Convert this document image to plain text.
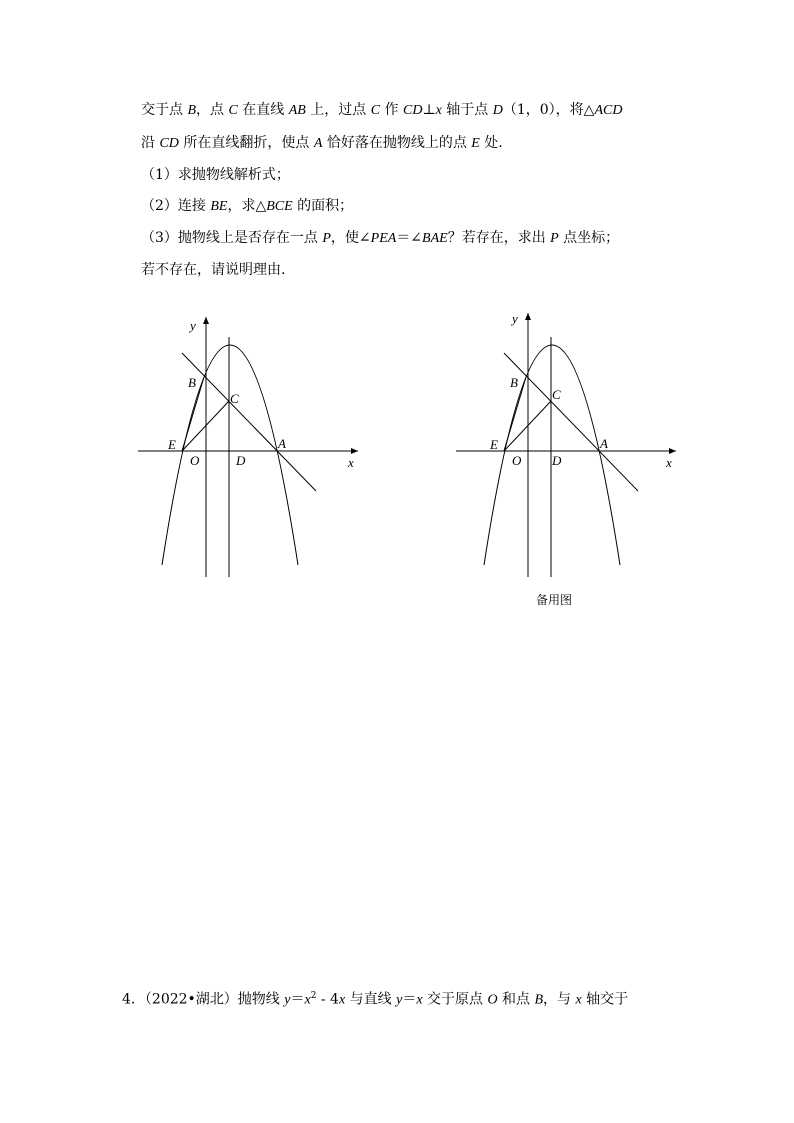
交于点 B，点 C 在直线 AB 上，过点 C 作 CD⊥x 轴于点 D（1，0），将△ACD
沿 CD 所在直线翻折，使点 A 恰好落在抛物线上的点 E 处.
（1）求抛物线解析式；
（2）连接 BE，求△BCE 的面积；
（3）抛物线上是否存在一点 P，使∠PEA＝∠BAE？若存在，求出 P 点坐标；
若不存在，请说明理由.
y
x
B
C
E
O	D
A
y
x
B
C
E
O D
A
备用图
4．（2022•湖北）抛物线 $y=x^2 - 4x$ 与直线 y＝x 交于原点 O 和点 B，与 x 轴交于
